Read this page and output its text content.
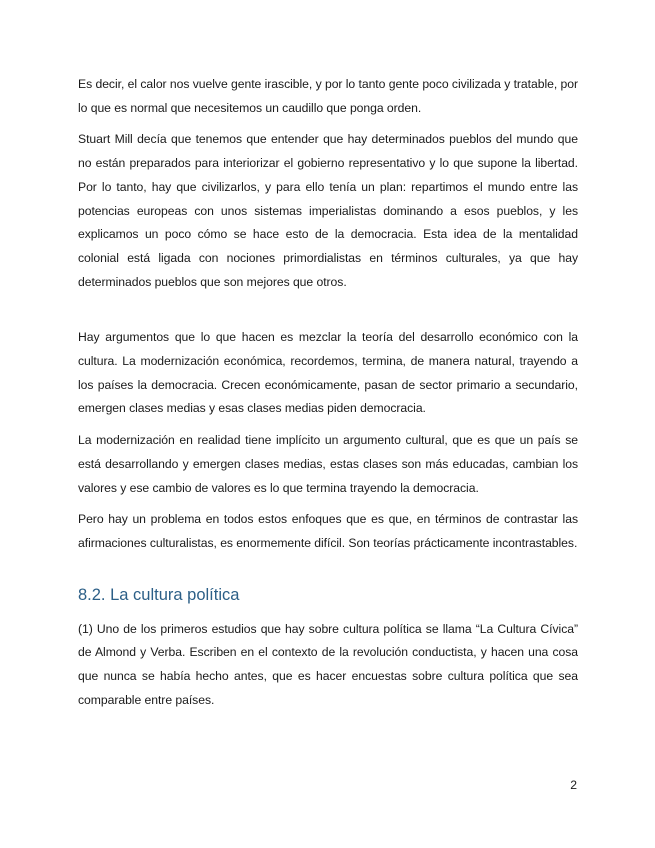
Es decir, el calor nos vuelve gente irascible, y por lo tanto gente poco civilizada y tratable, por lo que es normal que necesitemos un caudillo que ponga orden.

Stuart Mill decía que tenemos que entender que hay determinados pueblos del mundo que no están preparados para interiorizar el gobierno representativo y lo que supone la libertad. Por lo tanto, hay que civilizarlos, y para ello tenía un plan: repartimos el mundo entre las potencias europeas con unos sistemas imperialistas dominando a esos pueblos, y les explicamos un poco cómo se hace esto de la democracia. Esta idea de la mentalidad colonial está ligada con nociones primordialistas en términos culturales, ya que hay determinados pueblos que son mejores que otros.

Hay argumentos que lo que hacen es mezclar la teoría del desarrollo económico con la cultura. La modernización económica, recordemos, termina, de manera natural, trayendo a los países la democracia. Crecen económicamente, pasan de sector primario a secundario, emergen clases medias y esas clases medias piden democracia.

La modernización en realidad tiene implícito un argumento cultural, que es que un país se está desarrollando y emergen clases medias, estas clases son más educadas, cambian los valores y ese cambio de valores es lo que termina trayendo la democracia.

Pero hay un problema en todos estos enfoques que es que, en términos de contrastar las afirmaciones culturalistas, es enormemente difícil. Son teorías prácticamente incontrastables.

8.2. La cultura política

(1) Uno de los primeros estudios que hay sobre cultura política se llama “La Cultura Cívica” de Almond y Verba. Escriben en el contexto de la revolución conductista, y hacen una cosa que nunca se había hecho antes, que es hacer encuestas sobre cultura política que sea comparable entre países.

2
